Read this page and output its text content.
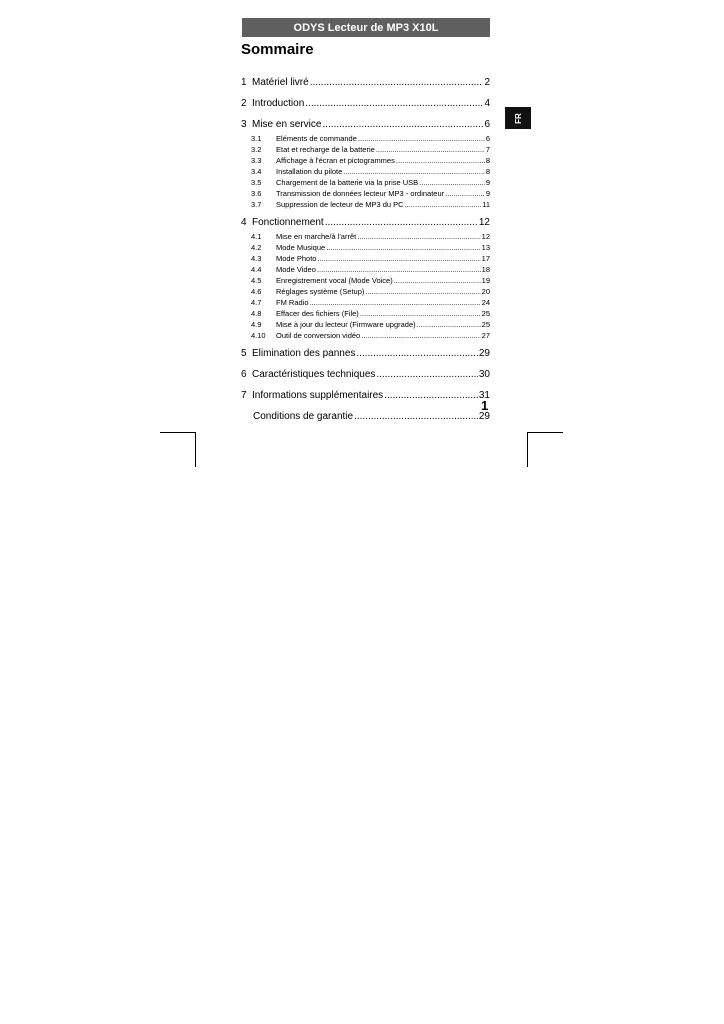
ODYS Lecteur de MP3 X10L
Sommaire
FR
1 Matériel livré .....	2
2 Introduction .....	4
3 Mise en service .....	6
3.1	Eléments de commande .....	6
3.2	Etat et recharge de la batterie .....	7
3.3	Affichage à l'écran et pictogrammes .....	8
3.4	Installation du pilote .....	8
3.5	Chargement de la batterie via la prise USB .....	9
3.6	Transmission de données lecteur MP3 - ordinateur .....	9
3.7	Suppression de lecteur de MP3 du PC .....	11
4 Fonctionnement .....	12
4.1	Mise en marche/à l'arrêt .....	12
4.2	Mode Musique .....	13
4.3	Mode Photo .....	17
4.4	Mode Video .....	18
4.5	Enregistrement vocal (Mode Voice) .....	19
4.6	Réglages système (Setup) .....	20
4.7	FM Radio .....	24
4.8	Effacer des fichiers (File) .....	25
4.9	Mise à jour du lecteur (Firmware upgrade) .....	25
4.10	Outil de conversion vidéo .....	27
5 Elimination des pannes .....	29
6 Caractéristiques techniques .....	30
7 Informations supplémentaires .....	31
Conditions de garantie .....	29
1
